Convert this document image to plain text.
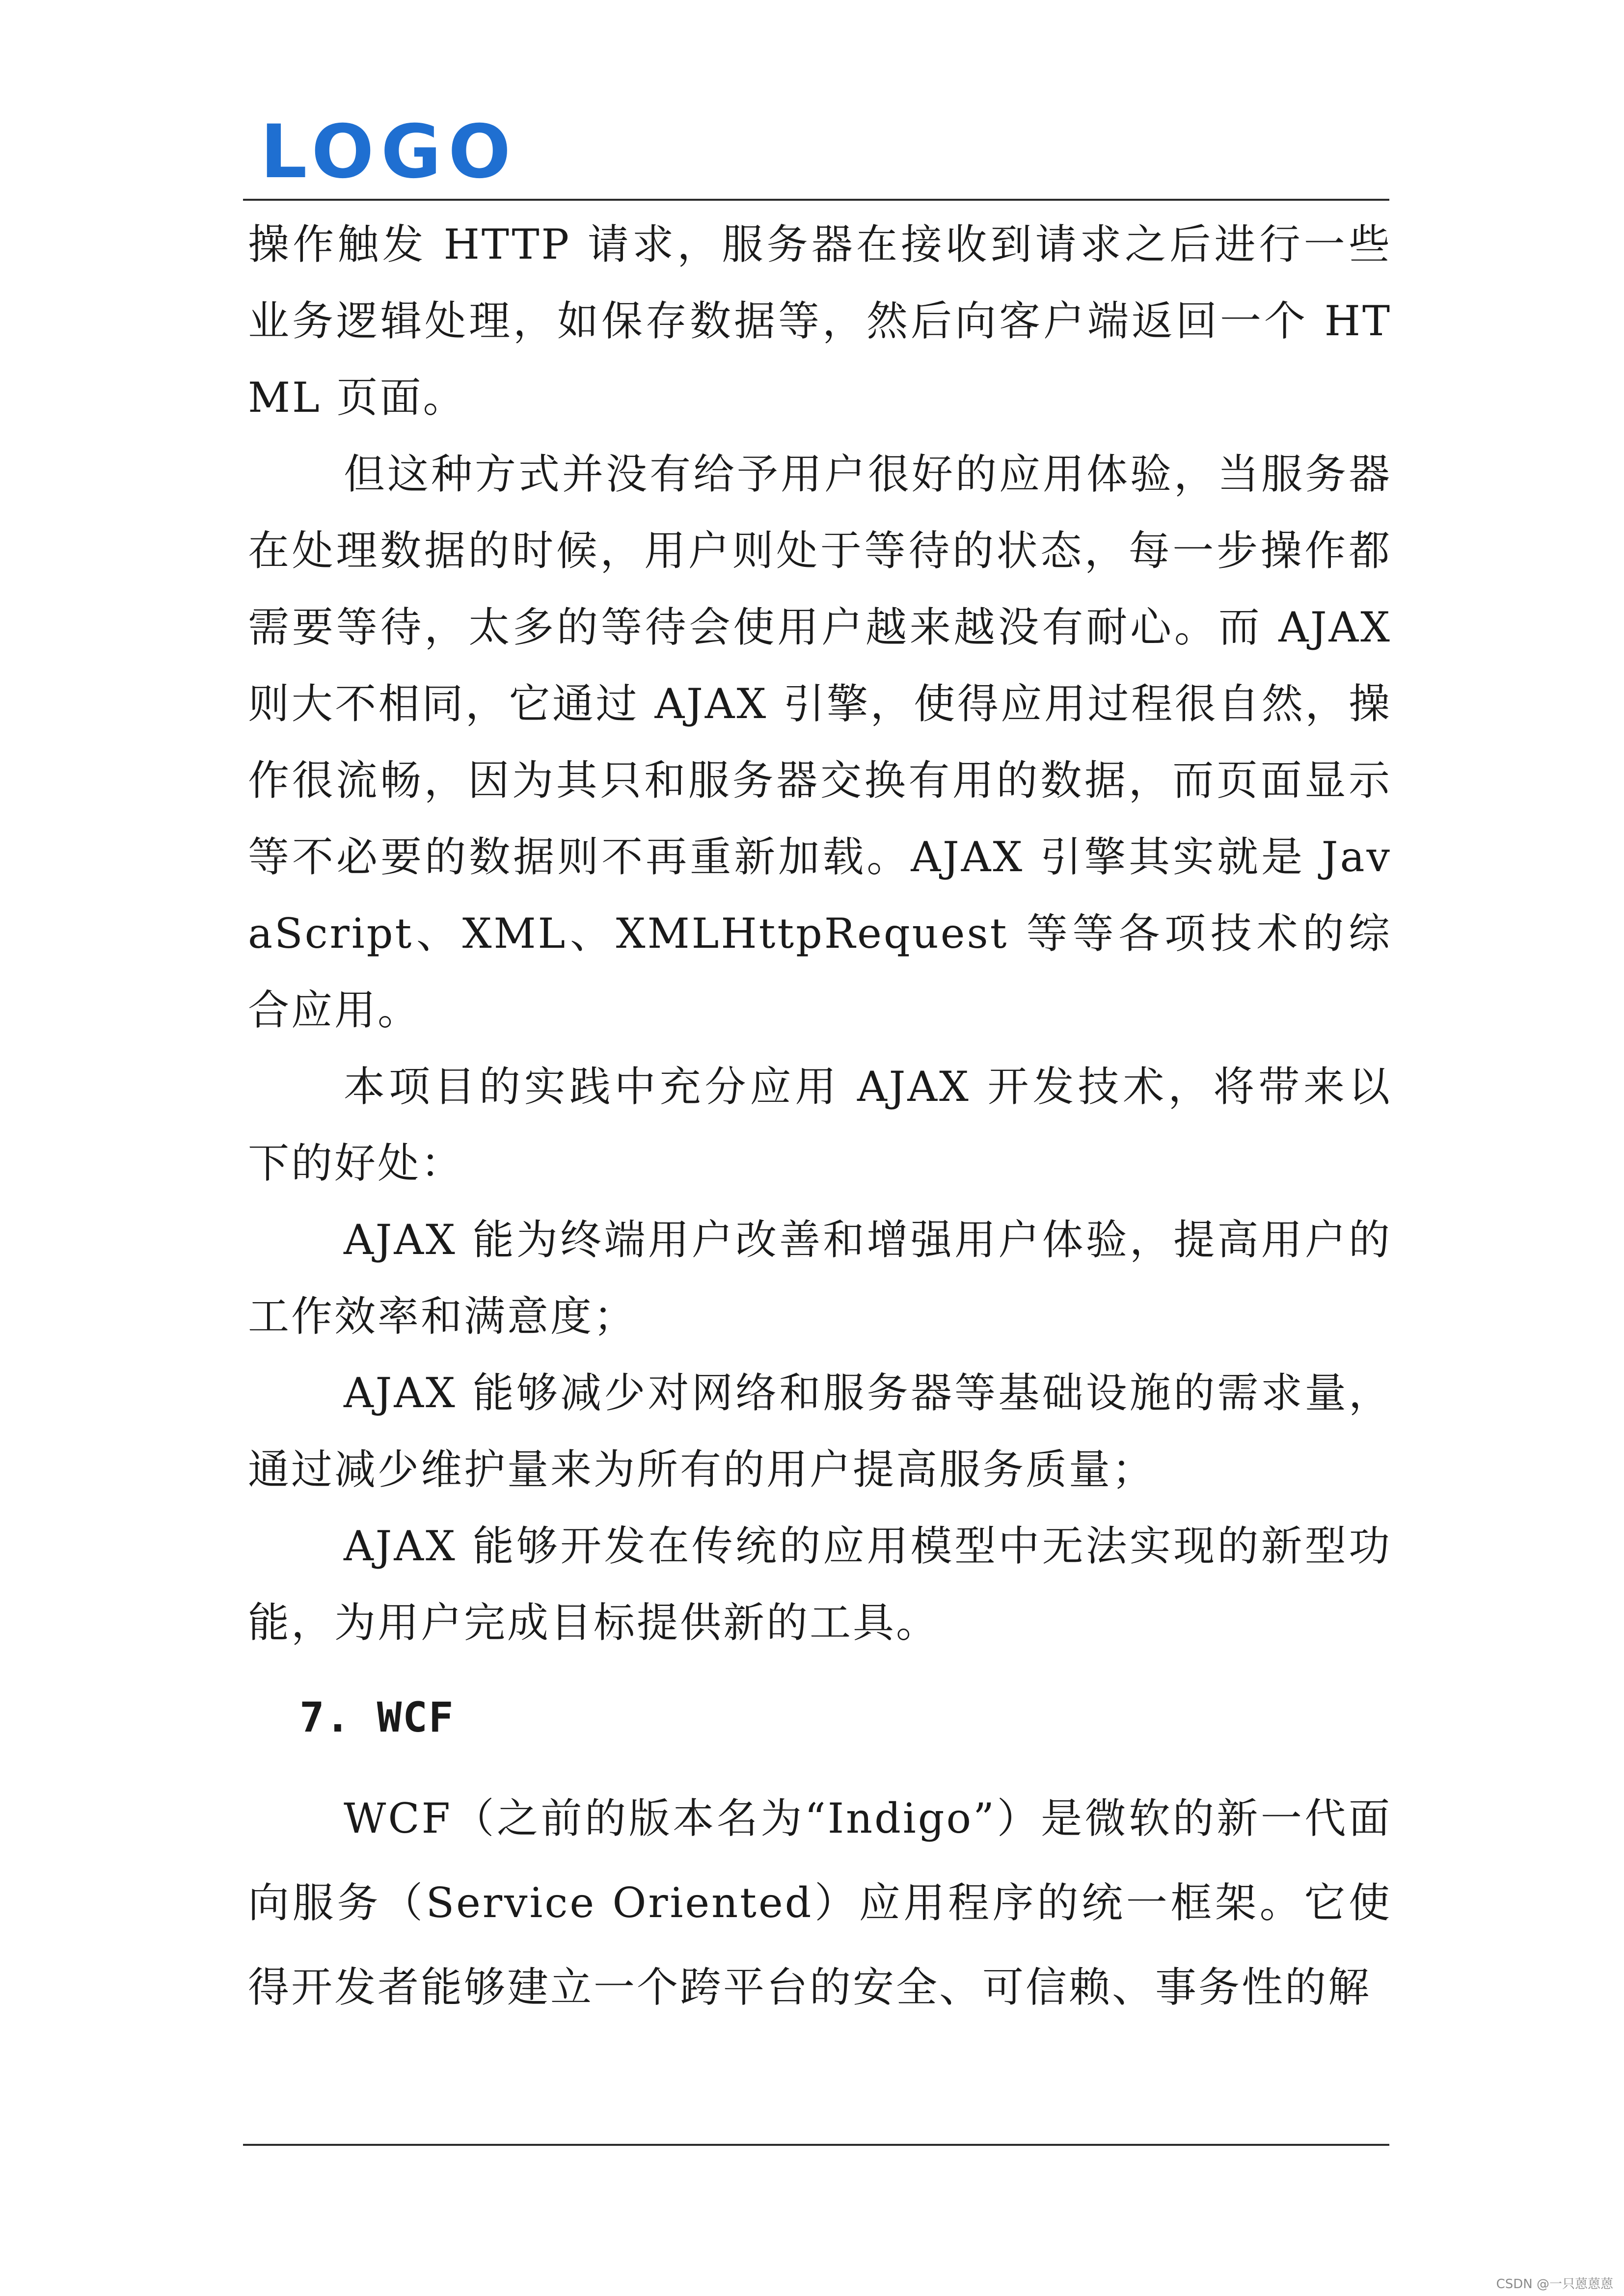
LOGO

操作触发 HTTP 请求，服务器在接收到请求之后进行一些业务逻辑处理，如保存数据等，然后向客户端返回一个 HTML 页面。

但这种方式并没有给予用户很好的应用体验，当服务器在处理数据的时候，用户则处于等待的状态，每一步操作都需要等待，太多的等待会使用户越来越没有耐心。而 AJAX 则大不相同，它通过 AJAX 引擎，使得应用过程很自然，操作很流畅，因为其只和服务器交换有用的数据，而页面显示等不必要的数据则不再重新加载。AJAX 引擎其实就是 JavaScript、XML、XMLHttpRequest 等等各项技术的综合应用。

本项目的实践中充分应用 AJAX 开发技术，将带来以下的好处：

AJAX 能为终端用户改善和增强用户体验，提高用户的工作效率和满意度；

AJAX 能够减少对网络和服务器等基础设施的需求量，通过减少维护量来为所有的用户提高服务质量；

AJAX 能够开发在传统的应用模型中无法实现的新型功能，为用户完成目标提供新的工具。

7. WCF

WCF（之前的版本名为“Indigo”）是微软的新一代面向服务（Service Oriented）应用程序的统一框架。它使得开发者能够建立一个跨平台的安全、可信赖、事务性的解

CSDN @一只蒽蒽蒽
